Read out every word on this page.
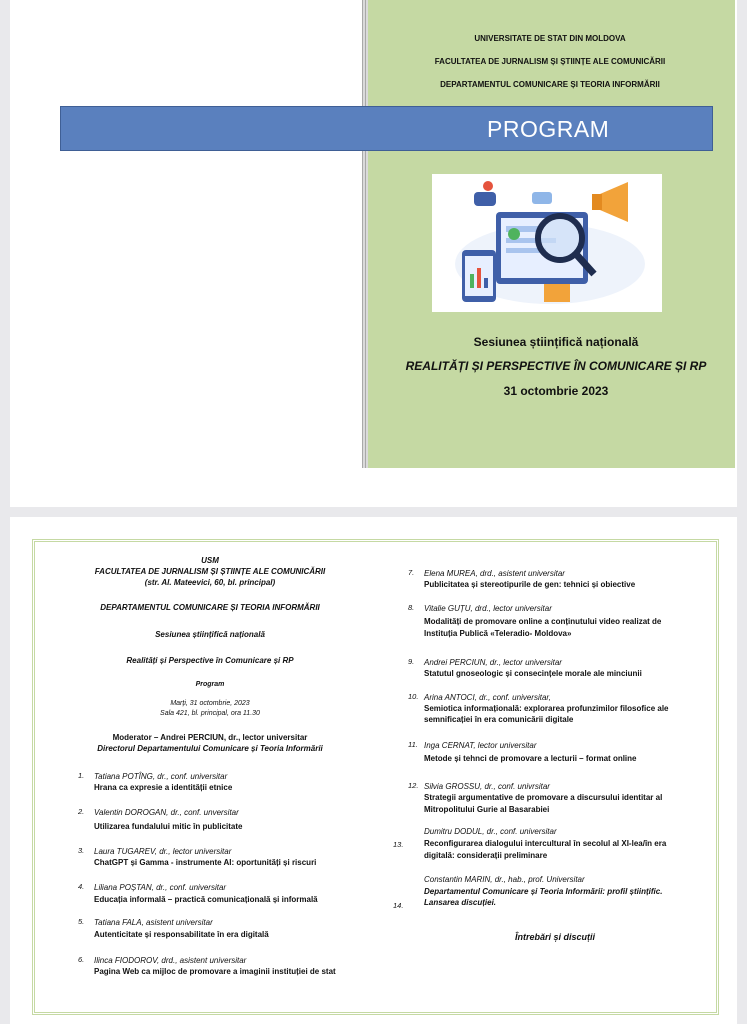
UNIVERSITATE DE STAT DIN MOLDOVA
FACULTATEA DE JURNALISM ȘI ȘTIINȚE ALE COMUNICĂRII
DEPARTAMENTUL COMUNICARE ȘI TEORIA INFORMĂRII
PROGRAM
Sesiunea științifică națională
REALITĂȚI ȘI PERSPECTIVE ÎN COMUNICARE ȘI RP
31 octombrie 2023
USM
FACULTATEA DE JURNALISM ȘI ȘTIINȚE ALE COMUNICĂRII
(str. Al. Mateevici, 60, bl. principal)
DEPARTAMENTUL COMUNICARE ȘI TEORIA INFORMĂRII
Sesiunea științifică națională
Realități și Perspective în Comunicare și RP
Program
Marți, 31 octombrie, 2023
Sala 421, bl. principal, ora 11.30
Moderator – Andrei PERCIUN, dr., lector universitar
Directorul Departamentului Comunicare și Teoria Informării
1. Tatiana POTÎNG, dr., conf. universitar
Hrana ca expresie a identității etnice
2. Valentin DOROGAN, dr., conf. unversitar
Utilizarea fundalului mitic în publicitate
3. Laura TUGAREV, dr., lector universitar
ChatGPT și Gamma - instrumente AI: oportunități și riscuri
4. Liliana POȘTAN, dr., conf. universitar
Educația informală – practică comunicațională și informală
5. Tatiana FALA, asistent universitar
Autenticitate și responsabilitate în era digitală
6. Ilinca FIODOROV, drd., asistent universitar
Pagina Web ca mijloc de promovare a imaginii instituției de stat
7. Elena MUREA, drd., asistent universitar
Publicitatea și stereotipurile de gen: tehnici și obiective
8. Vitalie GUȚU, drd., lector universitar
Modalități de promovare online a conținutului video realizat de
Instituția Publică «Teleradio- Moldova»
9. Andrei PERCIUN, dr., lector universitar
Statutul gnoseologic și consecințele morale ale minciunii
10. Arina ANTOCI, dr., conf. universitar,
Semiotica informațională: explorarea profunzimilor filosofice ale
semnificației în era comunicării digitale
11. Inga CERNAT, lector universitar
Metode și tehnci de promovare a lecturii – format online
12. Silvia GROSSU, dr., conf. univrsitar
Strategii argumentative de promovare a discursului identitar al
Mitropolitului Gurie al Basarabiei
13.
Dumitru DODUL, dr., conf. universitar
Reconfigurarea dialogului intercultural în secolul al XI-lea/în era
digitală: considerații preliminare
14.
Constantin MARIN, dr., hab., prof. Universitar
Departamentul Comunicare și Teoria Informării: profil științific.
Lansarea discuției.
Întrebări și discuții
